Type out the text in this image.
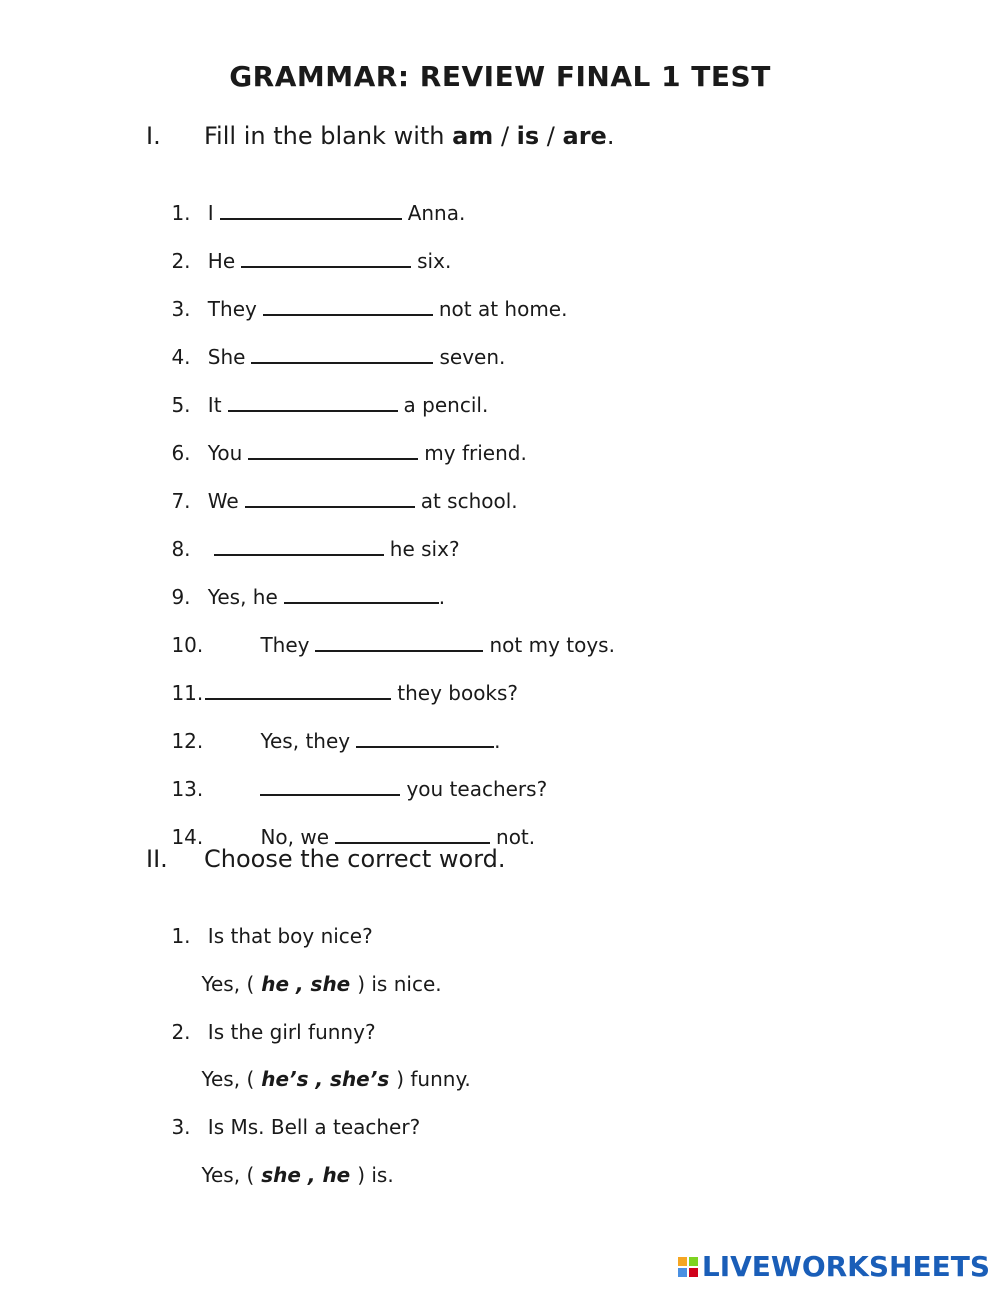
GRAMMAR: REVIEW FINAL 1 TEST
I. Fill in the blank with am / is / are.

1. I	Anna.

2. He	six.

3. They	not at home.

4. She	seven.

5. It	a pencil.

6. You	my friend.

7. We	at school.

8.	he six?

9. Yes, he	.

10.	They	not my toys.

11.	they books?

12.	Yes, they	.

13.	you teachers?

14.	No, we	not.

II. Choose the correct word.

1. Is that boy nice?

Yes, ( he , she ) is nice.

2. Is the girl funny?

Yes, ( he’s , she’s ) funny.

3. Is Ms. Bell a teacher?

Yes, ( she , he ) is.

LIVEWORKSHEETS
